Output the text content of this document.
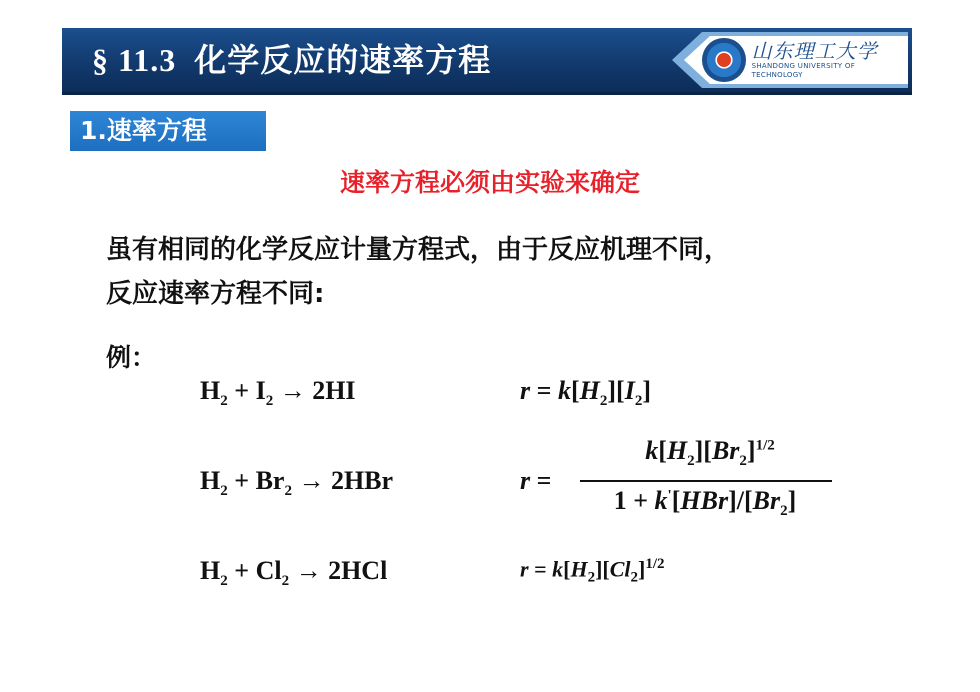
§ 11.3 化学反应的速率方程	山东理工大学
SHANDONG UNIVERSITY OF TECHNOLOGY
1.速率方程
速率方程必须由实验来确定
虽有相同的化学反应计量方程式，由于反应机理不同，
反应速率方程不同:
例：
$H_2 + I_2 \to 2HI$	$r = k[H_2][I_2]$
$H_2 + Br_2 \to 2HBr$	r =
$k[H_2][Br_2]^{1/2}$
$1 + k'[HBr]/[Br_2]$
$H_2 + Cl_2 \to 2HCl$	$r = k[H_2][Cl_2]^{1/2}$
